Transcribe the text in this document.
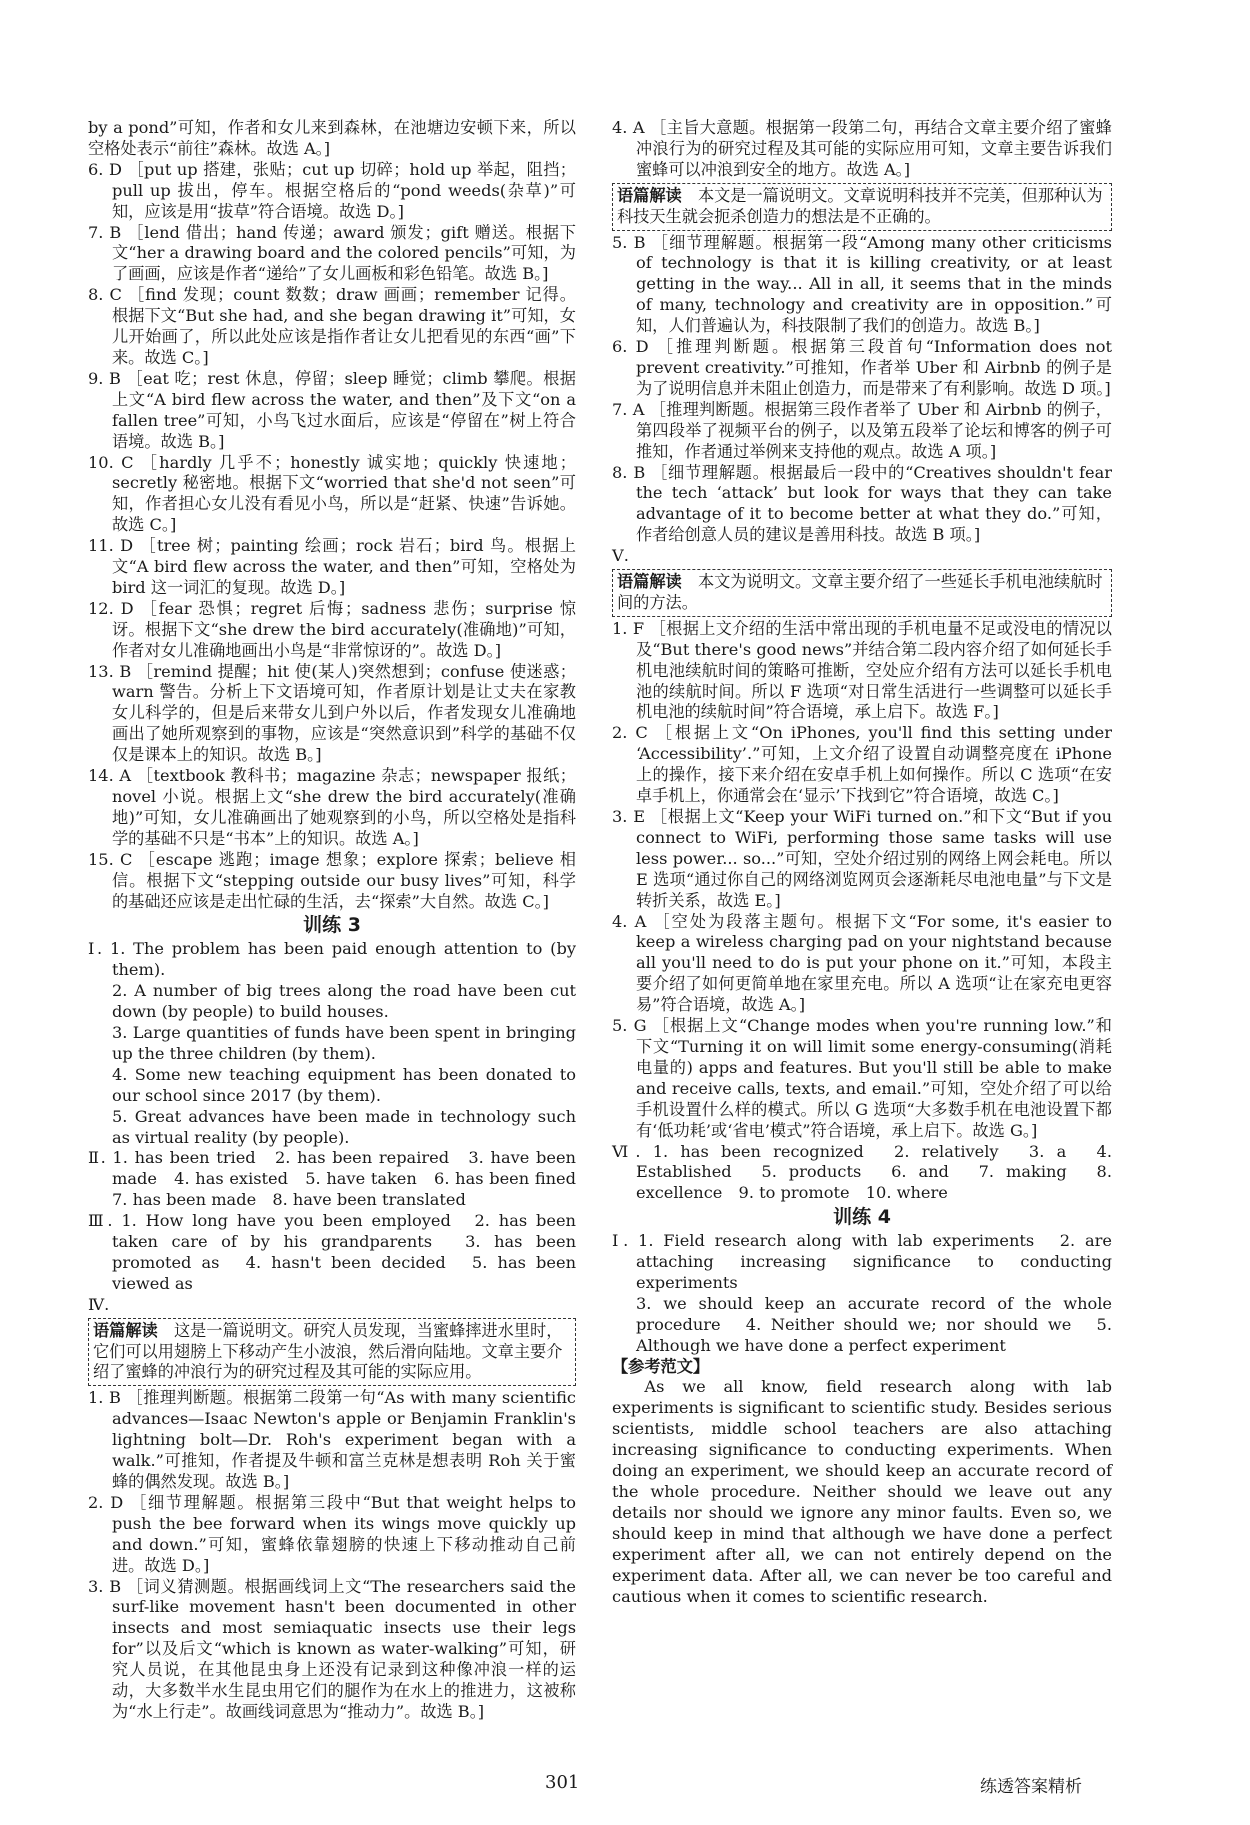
by a pond”可知，作者和女儿来到森林，在池塘边安顿下来，所以空格处表示“前往”森林。故选 A。]

6. D ［put up 搭建，张贴；cut up 切碎；hold up 举起，阻挡；pull up 拔出，停车。根据空格后的“pond weeds(杂草)”可知，应该是用“拔草”符合语境。故选 D。]

7. B ［lend 借出；hand 传递；award 颁发；gift 赠送。根据下文“her a drawing board and the colored pencils”可知，为了画画，应该是作者“递给”了女儿画板和彩色铅笔。故选 B。]

8. C ［find 发现；count 数数；draw 画画；remember 记得。根据下文“But she had, and she began drawing it”可知，女儿开始画了，所以此处应该是指作者让女儿把看见的东西“画”下来。故选 C。]

9. B ［eat 吃；rest 休息，停留；sleep 睡觉；climb 攀爬。根据上文“A bird flew across the water, and then”及下文“on a fallen tree”可知，小鸟飞过水面后，应该是“停留在”树上符合语境。故选 B。]

10. C ［hardly 几乎不；honestly 诚实地；quickly 快速地；secretly 秘密地。根据下文“worried that she'd not seen”可知，作者担心女儿没有看见小鸟，所以是“赶紧、快速”告诉她。故选 C。]

11. D ［tree 树；painting 绘画；rock 岩石；bird 鸟。根据上文“A bird flew across the water, and then”可知，空格处为 bird 这一词汇的复现。故选 D。]

12. D ［fear 恐惧；regret 后悔；sadness 悲伤；surprise 惊讶。根据下文“she drew the bird accurately(准确地)”可知，作者对女儿准确地画出小鸟是“非常惊讶的”。故选 D。]

13. B ［remind 提醒；hit 使(某人)突然想到；confuse 使迷惑；warn 警告。分析上下文语境可知，作者原计划是让丈夫在家教女儿科学的，但是后来带女儿到户外以后，作者发现女儿准确地画出了她所观察到的事物，应该是“突然意识到”科学的基础不仅仅是课本上的知识。故选 B。]

14. A ［textbook 教科书；magazine 杂志；newspaper 报纸；novel 小说。根据上文“she drew the bird accurately(准确地)”可知，女儿准确画出了她观察到的小鸟，所以空格处是指科学的基础不只是“书本”上的知识。故选 A。]

15. C ［escape 逃跑；image 想象；explore 探索；believe 相信。根据下文“stepping outside our busy lives”可知，科学的基础还应该是走出忙碌的生活，去“探索”大自然。故选 C。]

训练 3

Ⅰ. 1. The problem has been paid enough attention to (by them).

2. A number of big trees along the road have been cut down (by people) to build houses.

3. Large quantities of funds have been spent in bringing up the three children (by them).

4. Some new teaching equipment has been donated to our school since 2017 (by them).

5. Great advances have been made in technology such as virtual reality (by people).

Ⅱ. 1. has been tried　2. has been repaired　3. have been made　4. has existed　5. have taken　6. has been fined　7. has been made　8. have been translated

Ⅲ. 1. How long have you been employed　2. has been taken care of by his grandparents　3. has been promoted as　4. hasn't been decided　5. has been viewed as

Ⅳ.

语篇解读　 这是一篇说明文。研究人员发现，当蜜蜂摔进水里时，它们可以用翅膀上下移动产生小波浪，然后滑向陆地。文章主要介绍了蜜蜂的冲浪行为的研究过程及其可能的实际应用。

1. B ［推理判断题。根据第二段第一句“As with many scientific advances—Isaac Newton's apple or Benjamin Franklin's lightning bolt—Dr. Roh's experiment began with a walk.”可推知，作者提及牛顿和富兰克林是想表明 Roh 关于蜜蜂的偶然发现。故选 B。]

2. D ［细节理解题。根据第三段中“But that weight helps to push the bee forward when its wings move quickly up and down.”可知，蜜蜂依靠翅膀的快速上下移动推动自己前进。故选 D。]

3. B ［词义猜测题。根据画线词上文“The researchers said the surf-like movement hasn't been documented in other insects and most semiaquatic insects use their legs for”以及后文“which is known as water-walking”可知，研究人员说，在其他昆虫身上还没有记录到这种像冲浪一样的运动，大多数半水生昆虫用它们的腿作为在水上的推进力，这被称为“水上行走”。故画线词意思为“推动力”。故选 B。]

4. A ［主旨大意题。根据第一段第二句，再结合文章主要介绍了蜜蜂冲浪行为的研究过程及其可能的实际应用可知，文章主要告诉我们蜜蜂可以冲浪到安全的地方。故选 A。]

语篇解读　 本文是一篇说明文。文章说明科技并不完美，但那种认为科技天生就会扼杀创造力的想法是不正确的。

5. B ［细节理解题。根据第一段“Among many other criticisms of technology is that it is killing creativity, or at least getting in the way... All in all, it seems that in the minds of many, technology and creativity are in opposition.”可知，人们普遍认为，科技限制了我们的创造力。故选 B。]

6. D ［推理判断题。根据第三段首句“Information does not prevent creativity.”可推知，作者举 Uber 和 Airbnb 的例子是为了说明信息并未阻止创造力，而是带来了有利影响。故选 D 项。]

7. A ［推理判断题。根据第三段作者举了 Uber 和 Airbnb 的例子，第四段举了视频平台的例子，以及第五段举了论坛和博客的例子可推知，作者通过举例来支持他的观点。故选 A 项。]

8. B ［细节理解题。根据最后一段中的“Creatives shouldn't fear the tech ‘attack’ but look for ways that they can take advantage of it to become better at what they do.”可知，作者给创意人员的建议是善用科技。故选 B 项。]

Ⅴ.

语篇解读　 本文为说明文。文章主要介绍了一些延长手机电池续航时间的方法。

1. F ［根据上文介绍的生活中常出现的手机电量不足或没电的情况以及“But there's good news”并结合第二段内容介绍了如何延长手机电池续航时间的策略可推断，空处应介绍有方法可以延长手机电池的续航时间。所以 F 选项“对日常生活进行一些调整可以延长手机电池的续航时间”符合语境，承上启下。故选 F。]

2. C ［根据上文“On iPhones, you'll find this setting under ‘Accessibility’.”可知，上文介绍了设置自动调整亮度在 iPhone 上的操作，接下来介绍在安卓手机上如何操作。所以 C 选项“在安卓手机上，你通常会在‘显示’下找到它”符合语境，故选 C。]

3. E ［根据上文“Keep your WiFi turned on.”和下文“But if you connect to WiFi, performing those same tasks will use less power... so...”可知，空处介绍过别的网络上网会耗电。所以 E 选项“通过你自己的网络浏览网页会逐渐耗尽电池电量”与下文是转折关系，故选 E。]

4. A ［空处为段落主题句。根据下文“For some, it's easier to keep a wireless charging pad on your nightstand because all you'll need to do is put your phone on it.”可知，本段主要介绍了如何更简单地在家里充电。所以 A 选项“让在家充电更容易”符合语境，故选 A。]

5. G ［根据上文“Change modes when you're running low.”和下文“Turning it on will limit some energy-consuming(消耗电量的) apps and features. But you'll still be able to make and receive calls, texts, and email.”可知，空处介绍了可以给手机设置什么样的模式。所以 G 选项“大多数手机在电池设置下都有‘低功耗’或‘省电’模式”符合语境，承上启下。故选 G。]

Ⅵ. 1. has been recognized　2. relatively　3. a　4. Established　5. products　6. and　7. making　8. excellence　9. to promote　10. where

训练 4

Ⅰ. 1. Field research along with lab experiments　2. are attaching increasing significance to conducting experiments

3. we should keep an accurate record of the whole procedure　4. Neither should we; nor should we　5. Although we have done a perfect experiment

【参考范文】

As we all know, field research along with lab experiments is significant to scientific study. Besides serious scientists, middle school teachers are also attaching increasing significance to conducting experiments. When doing an experiment, we should keep an accurate record of the whole procedure. Neither should we leave out any details nor should we ignore any minor faults. Even so, we should keep in mind that although we have done a perfect experiment after all, we can not entirely depend on the experiment data. After all, we can never be too careful and cautious when it comes to scientific research.

301	练透答案精析
